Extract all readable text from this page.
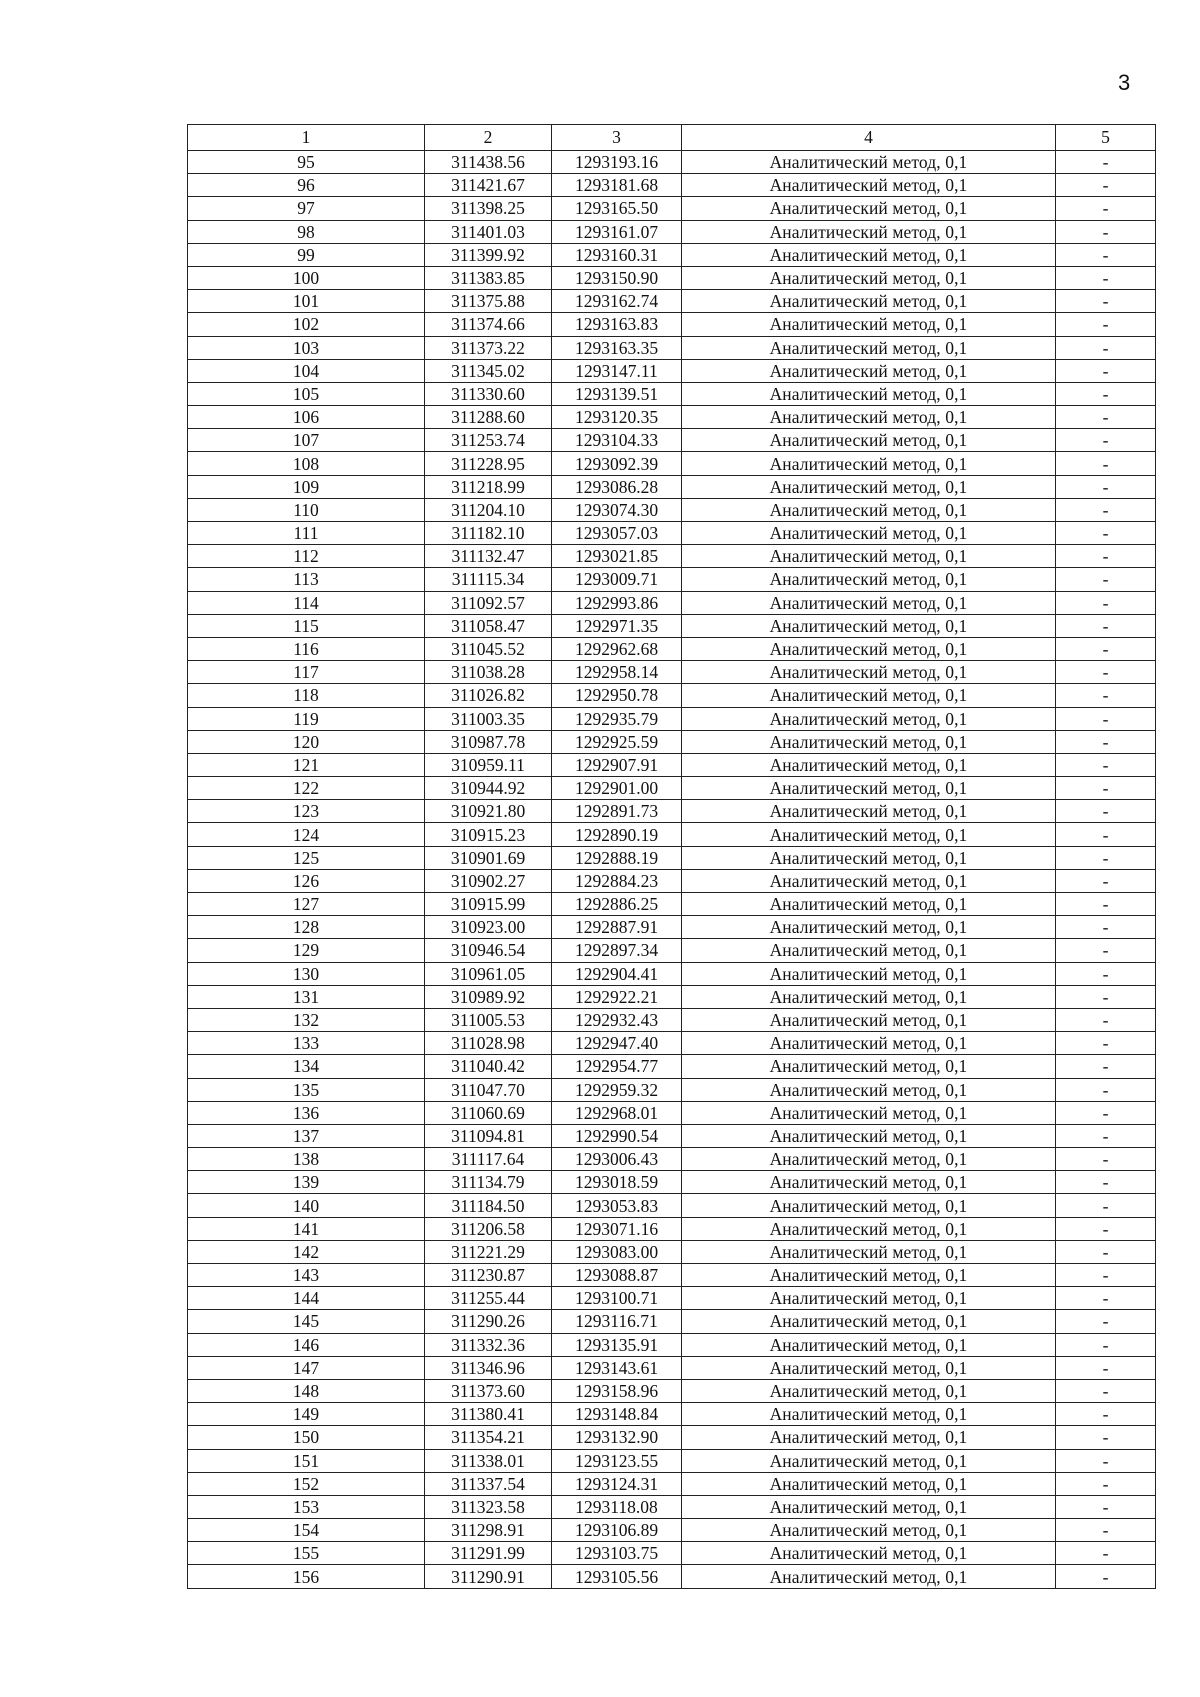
3
1	2	3	4	5
95	311438.56	1293193.16	Аналитический метод, 0,1	-
96	311421.67	1293181.68	Аналитический метод, 0,1	-
97	311398.25	1293165.50	Аналитический метод, 0,1	-
98	311401.03	1293161.07	Аналитический метод, 0,1	-
99	311399.92	1293160.31	Аналитический метод, 0,1	-
100	311383.85	1293150.90	Аналитический метод, 0,1	-
101	311375.88	1293162.74	Аналитический метод, 0,1	-
102	311374.66	1293163.83	Аналитический метод, 0,1	-
103	311373.22	1293163.35	Аналитический метод, 0,1	-
104	311345.02	1293147.11	Аналитический метод, 0,1	-
105	311330.60	1293139.51	Аналитический метод, 0,1	-
106	311288.60	1293120.35	Аналитический метод, 0,1	-
107	311253.74	1293104.33	Аналитический метод, 0,1	-
108	311228.95	1293092.39	Аналитический метод, 0,1	-
109	311218.99	1293086.28	Аналитический метод, 0,1	-
110	311204.10	1293074.30	Аналитический метод, 0,1	-
111	311182.10	1293057.03	Аналитический метод, 0,1	-
112	311132.47	1293021.85	Аналитический метод, 0,1	-
113	311115.34	1293009.71	Аналитический метод, 0,1	-
114	311092.57	1292993.86	Аналитический метод, 0,1	-
115	311058.47	1292971.35	Аналитический метод, 0,1	-
116	311045.52	1292962.68	Аналитический метод, 0,1	-
117	311038.28	1292958.14	Аналитический метод, 0,1	-
118	311026.82	1292950.78	Аналитический метод, 0,1	-
119	311003.35	1292935.79	Аналитический метод, 0,1	-
120	310987.78	1292925.59	Аналитический метод, 0,1	-
121	310959.11	1292907.91	Аналитический метод, 0,1	-
122	310944.92	1292901.00	Аналитический метод, 0,1	-
123	310921.80	1292891.73	Аналитический метод, 0,1	-
124	310915.23	1292890.19	Аналитический метод, 0,1	-
125	310901.69	1292888.19	Аналитический метод, 0,1	-
126	310902.27	1292884.23	Аналитический метод, 0,1	-
127	310915.99	1292886.25	Аналитический метод, 0,1	-
128	310923.00	1292887.91	Аналитический метод, 0,1	-
129	310946.54	1292897.34	Аналитический метод, 0,1	-
130	310961.05	1292904.41	Аналитический метод, 0,1	-
131	310989.92	1292922.21	Аналитический метод, 0,1	-
132	311005.53	1292932.43	Аналитический метод, 0,1	-
133	311028.98	1292947.40	Аналитический метод, 0,1	-
134	311040.42	1292954.77	Аналитический метод, 0,1	-
135	311047.70	1292959.32	Аналитический метод, 0,1	-
136	311060.69	1292968.01	Аналитический метод, 0,1	-
137	311094.81	1292990.54	Аналитический метод, 0,1	-
138	311117.64	1293006.43	Аналитический метод, 0,1	-
139	311134.79	1293018.59	Аналитический метод, 0,1	-
140	311184.50	1293053.83	Аналитический метод, 0,1	-
141	311206.58	1293071.16	Аналитический метод, 0,1	-
142	311221.29	1293083.00	Аналитический метод, 0,1	-
143	311230.87	1293088.87	Аналитический метод, 0,1	-
144	311255.44	1293100.71	Аналитический метод, 0,1	-
145	311290.26	1293116.71	Аналитический метод, 0,1	-
146	311332.36	1293135.91	Аналитический метод, 0,1	-
147	311346.96	1293143.61	Аналитический метод, 0,1	-
148	311373.60	1293158.96	Аналитический метод, 0,1	-
149	311380.41	1293148.84	Аналитический метод, 0,1	-
150	311354.21	1293132.90	Аналитический метод, 0,1	-
151	311338.01	1293123.55	Аналитический метод, 0,1	-
152	311337.54	1293124.31	Аналитический метод, 0,1	-
153	311323.58	1293118.08	Аналитический метод, 0,1	-
154	311298.91	1293106.89	Аналитический метод, 0,1	-
155	311291.99	1293103.75	Аналитический метод, 0,1	-
156	311290.91	1293105.56	Аналитический метод, 0,1	-
